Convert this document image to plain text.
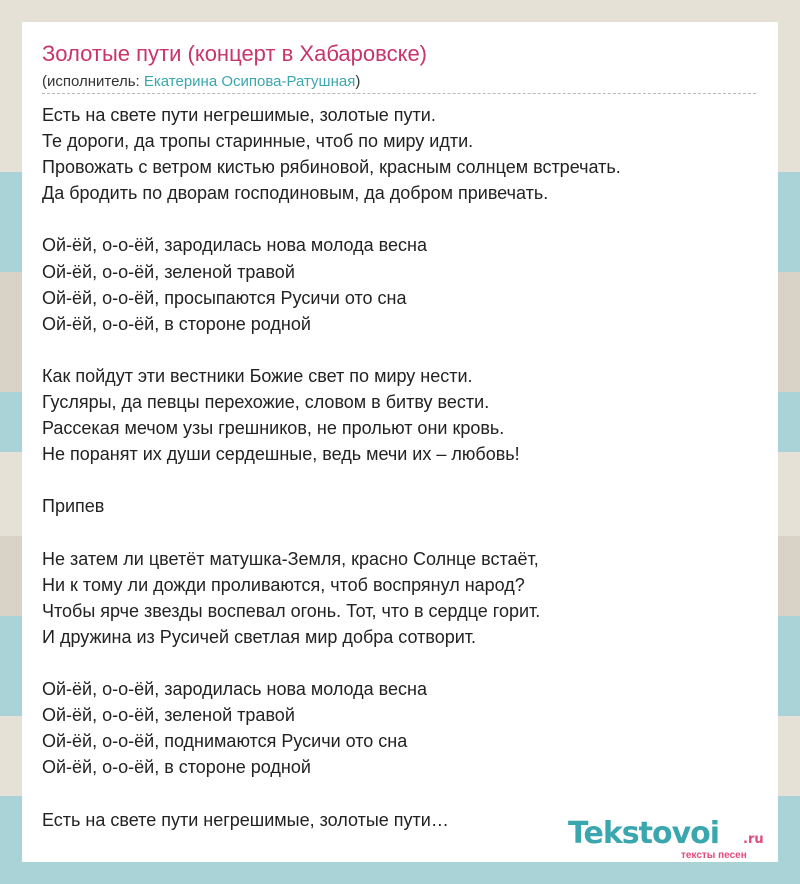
Золотые пути (концерт в Хабаровске)
(исполнитель: Екатерина Осипова-Ратушная)
Есть на свете пути негрешимые, золотые пути.
Те дороги, да тропы старинные, чтоб по миру идти.
Провожать с ветром кистью рябиновой, красным солнцем встречать.
Да бродить по дворам господиновым, да добром привечать.
Ой-ёй, о-о-ёй, зародилась нова молода весна
Ой-ёй, о-о-ёй, зеленой травой
Ой-ёй, о-о-ёй, просыпаются Русичи ото сна
Ой-ёй, о-о-ёй, в стороне родной
Как пойдут эти вестники Божие свет по миру нести.
Гусляры, да певцы перехожие, словом в битву вести.
Рассекая мечом узы грешников, не прольют они кровь.
Не поранят их души сердешные, ведь мечи их – любовь!
Припев
Не затем ли цветёт матушка-Земля, красно Солнце встаёт,
Ни к тому ли дожди проливаются, чтоб воспрянул народ?
Чтобы ярче звезды воспевал огонь. Тот, что в сердце горит.
И дружина из Русичей светлая мир добра сотворит.
Ой-ёй, о-о-ёй, зародилась нова молода весна
Ой-ёй, о-о-ёй, зеленой травой
Ой-ёй, о-о-ёй, поднимаются Русичи ото сна
Ой-ёй, о-о-ёй, в стороне родной
Есть на свете пути негрешимые, золотые пути…	Tekstovoi .ru
тексты песен
